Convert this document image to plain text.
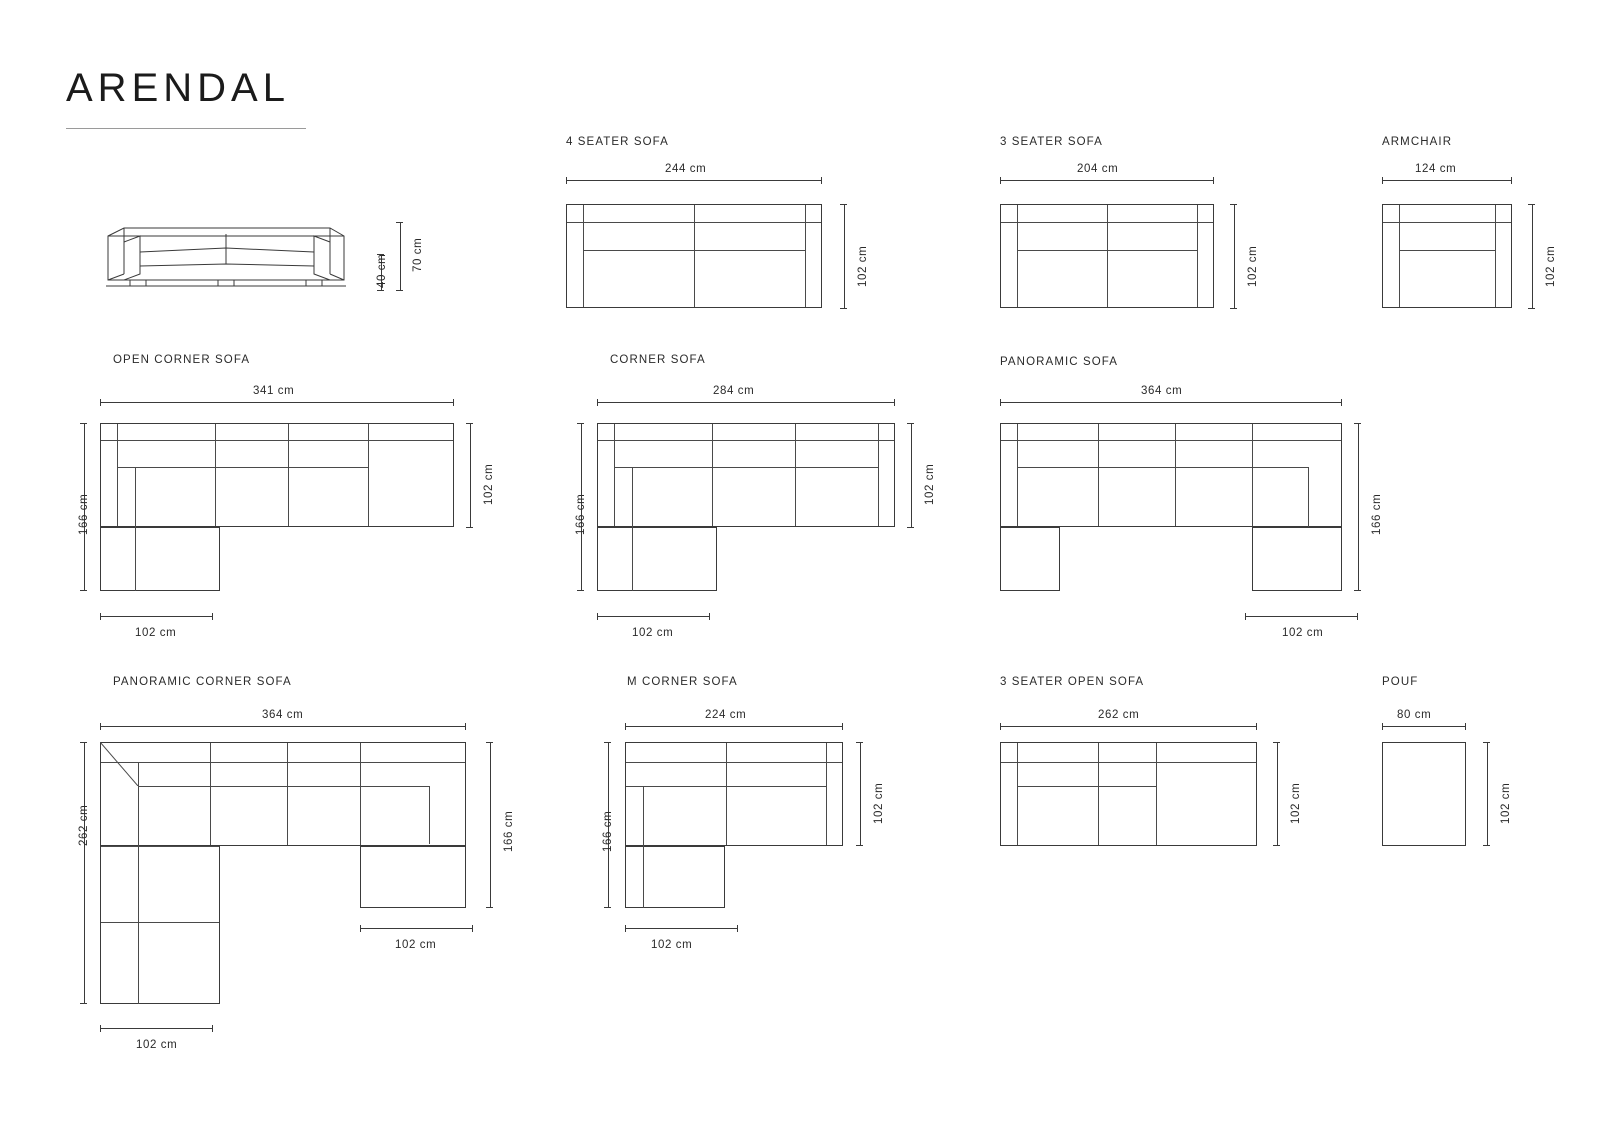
ARENDAL
70 cm
40 cm
4 SEATER SOFA
244 cm
102 cm
3 SEATER SOFA
204 cm
102 cm
ARMCHAIR
124 cm
102 cm
OPEN CORNER SOFA
341 cm
166 cm
102 cm
102 cm
CORNER SOFA
284 cm
166 cm
102 cm
102 cm
PANORAMIC SOFA
364 cm
166 cm
102 cm
PANORAMIC CORNER SOFA
364 cm
262 cm	166 cm
102 cm
102 cm
M CORNER SOFA
224 cm
166 cm
102 cm
102 cm
3 SEATER OPEN SOFA
262 cm
102 cm
POUF
80 cm
102 cm
